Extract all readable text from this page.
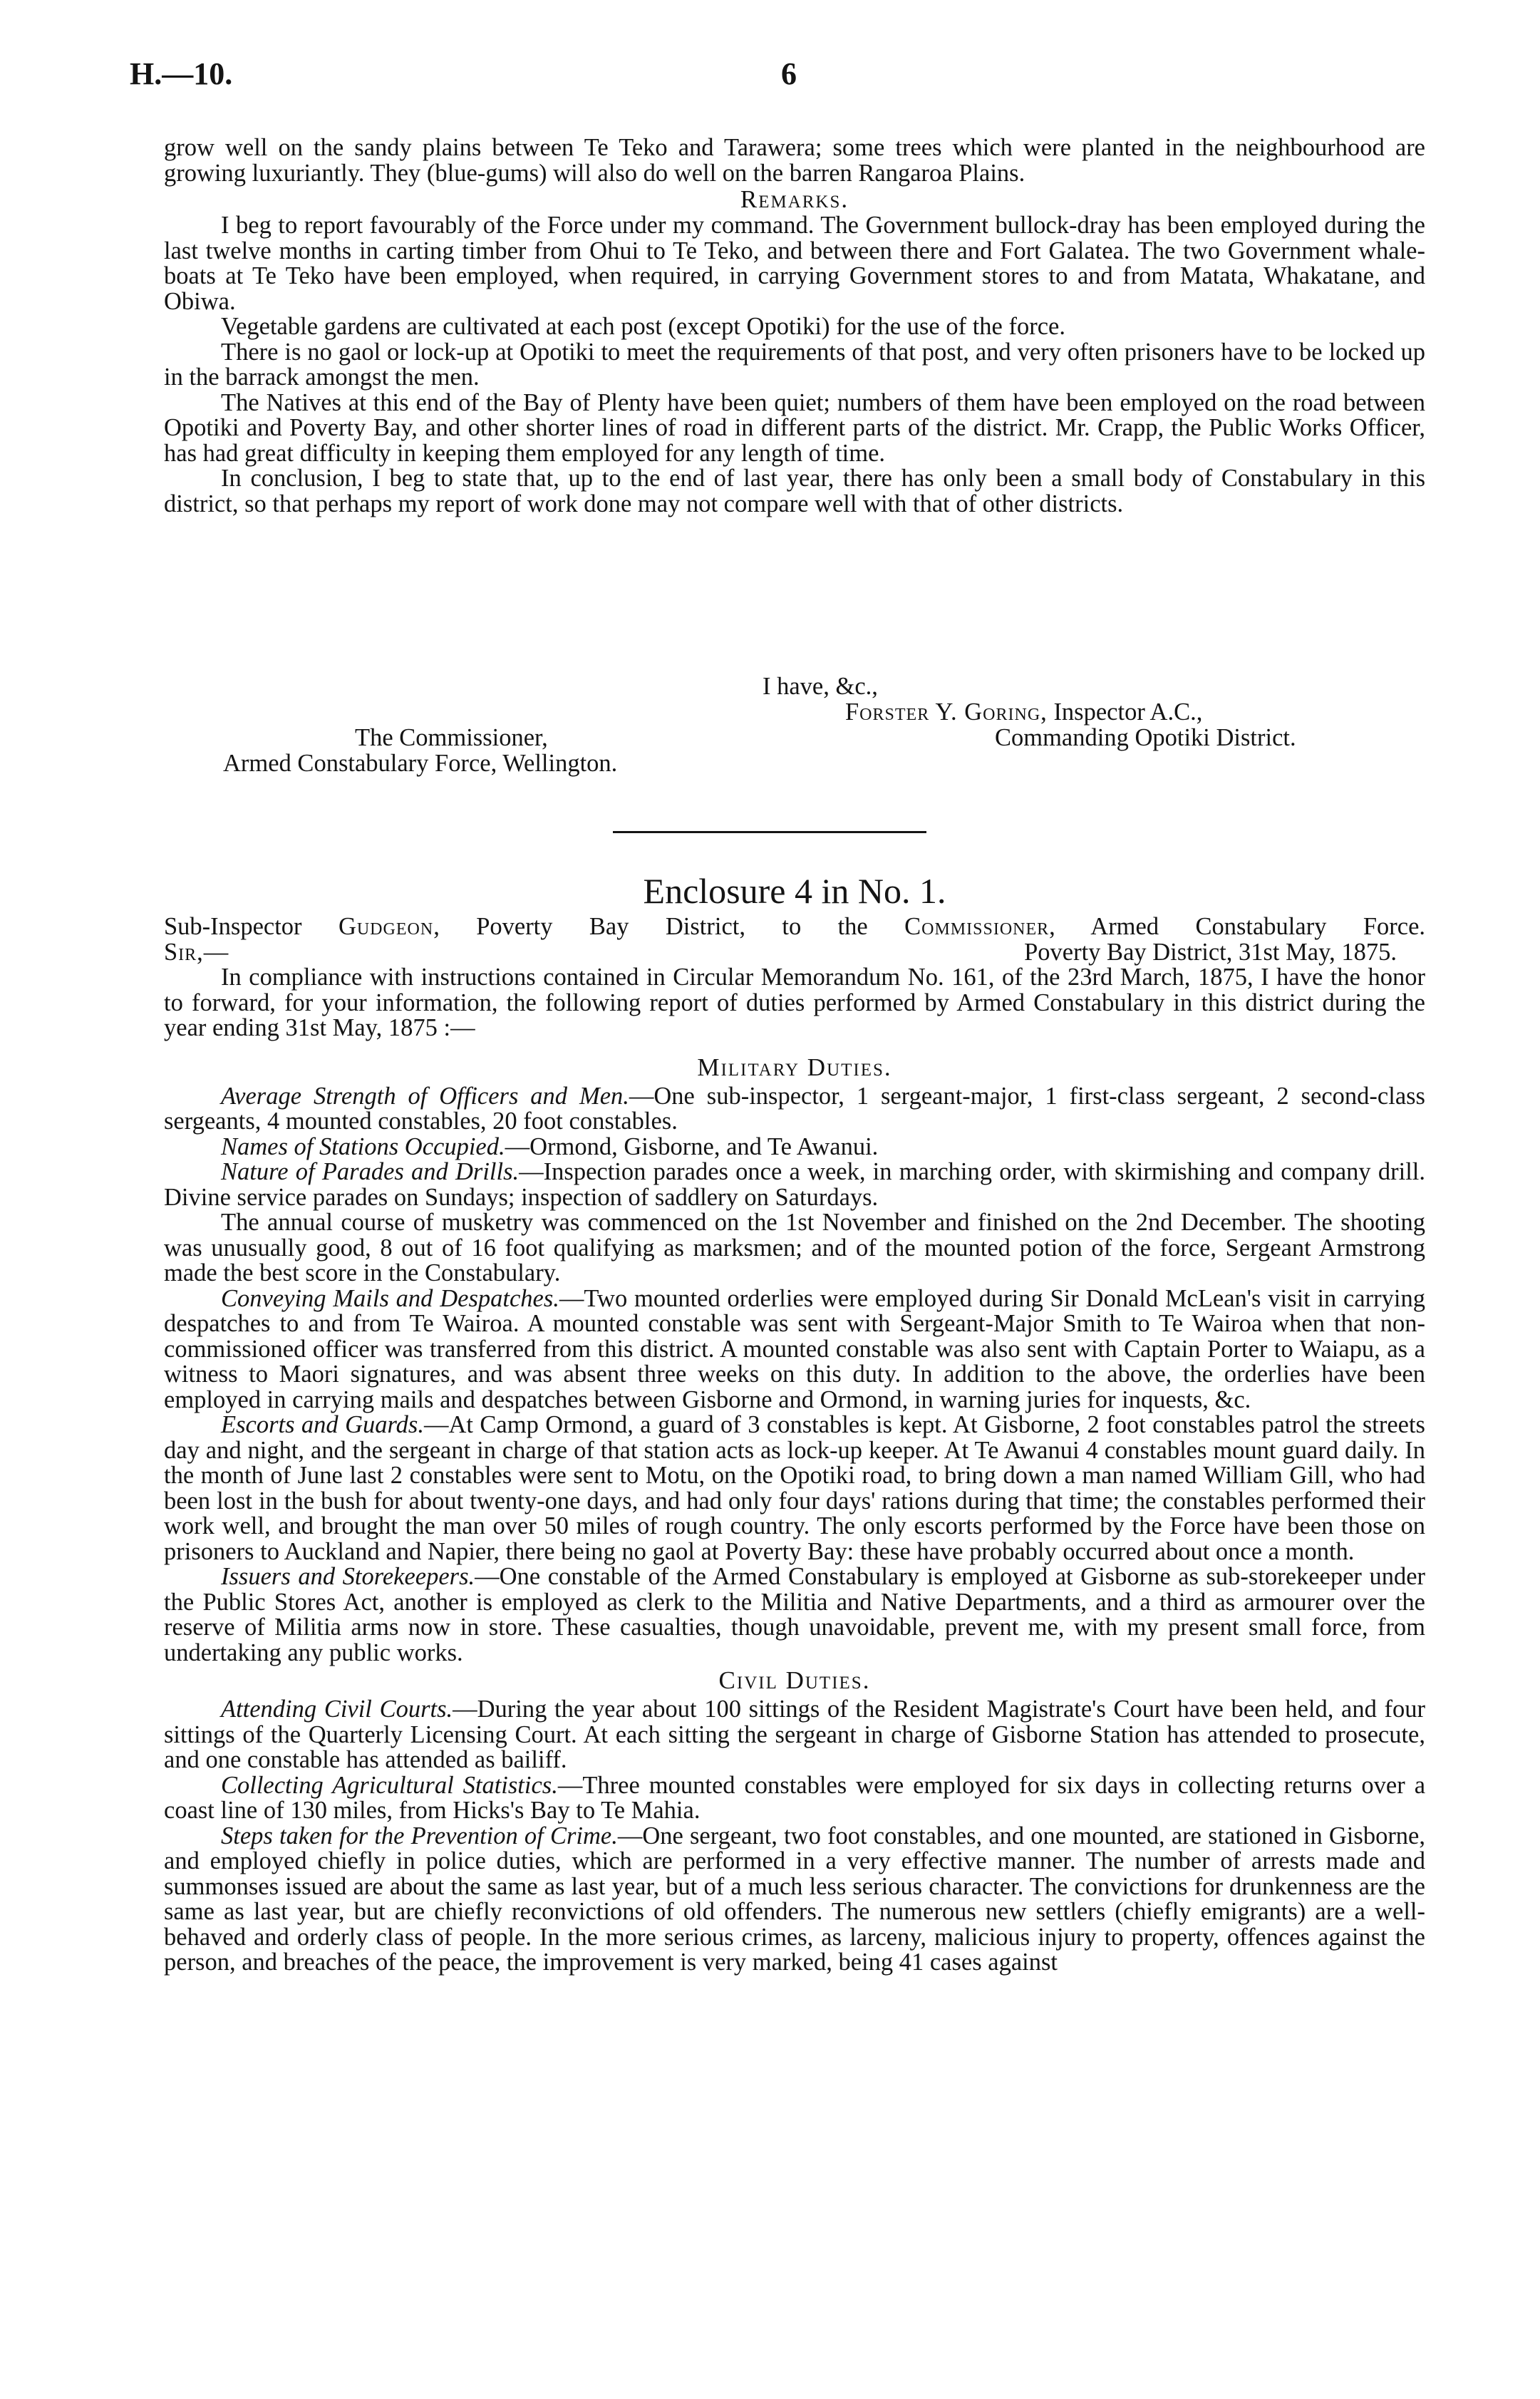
H.—10.	6

grow well on the sandy plains between Te Teko and Tarawera; some trees which were planted in the neighbourhood are growing luxuriantly. They (blue-gums) will also do well on the barren Rangaroa Plains.

Remarks.

I beg to report favourably of the Force under my command. The Government bullock-dray has been employed during the last twelve months in carting timber from Ohui to Te Teko, and between there and Fort Galatea. The two Government whale-boats at Te Teko have been employed, when required, in carrying Government stores to and from Matata, Whakatane, and Obiwa.

Vegetable gardens are cultivated at each post (except Opotiki) for the use of the force.

There is no gaol or lock-up at Opotiki to meet the requirements of that post, and very often prisoners have to be locked up in the barrack amongst the men.

The Natives at this end of the Bay of Plenty have been quiet; numbers of them have been employed on the road between Opotiki and Poverty Bay, and other shorter lines of road in different parts of the district. Mr. Crapp, the Public Works Officer, has had great difficulty in keeping them employed for any length of time.

In conclusion, I beg to state that, up to the end of last year, there has only been a small body of Constabulary in this district, so that perhaps my report of work done may not compare well with that of other districts.

I have, &c.,
Forster Y. Goring, Inspector A.C.,
The Commissioner,	Commanding Opotiki District.
Armed Constabulary Force, Wellington.

Enclosure 4 in No. 1.

Sub-Inspector Gudgeon, Poverty Bay District, to the Commissioner, Armed Constabulary Force.

Sir,—	Poverty Bay District, 31st May, 1875.

In compliance with instructions contained in Circular Memorandum No. 161, of the 23rd March, 1875, I have the honor to forward, for your information, the following report of duties performed by Armed Constabulary in this district during the year ending 31st May, 1875 :—

Military Duties.

Average Strength of Officers and Men.—One sub-inspector, 1 sergeant-major, 1 first-class sergeant, 2 second-class sergeants, 4 mounted constables, 20 foot constables.

Names of Stations Occupied.—Ormond, Gisborne, and Te Awanui.

Nature of Parades and Drills.—Inspection parades once a week, in marching order, with skirmishing and company drill. Divine service parades on Sundays; inspection of saddlery on Saturdays.

The annual course of musketry was commenced on the 1st November and finished on the 2nd December. The shooting was unusually good, 8 out of 16 foot qualifying as marksmen; and of the mounted potion of the force, Sergeant Armstrong made the best score in the Constabulary.

Conveying Mails and Despatches.—Two mounted orderlies were employed during Sir Donald McLean's visit in carrying despatches to and from Te Wairoa. A mounted constable was sent with Sergeant-Major Smith to Te Wairoa when that non-commissioned officer was transferred from this district. A mounted constable was also sent with Captain Porter to Waiapu, as a witness to Maori signatures, and was absent three weeks on this duty. In addition to the above, the orderlies have been employed in carrying mails and despatches between Gisborne and Ormond, in warning juries for inquests, &c.

Escorts and Guards.—At Camp Ormond, a guard of 3 constables is kept. At Gisborne, 2 foot constables patrol the streets day and night, and the sergeant in charge of that station acts as lock-up keeper. At Te Awanui 4 constables mount guard daily. In the month of June last 2 constables were sent to Motu, on the Opotiki road, to bring down a man named William Gill, who had been lost in the bush for about twenty-one days, and had only four days' rations during that time; the constables performed their work well, and brought the man over 50 miles of rough country. The only escorts performed by the Force have been those on prisoners to Auckland and Napier, there being no gaol at Poverty Bay: these have probably occurred about once a month.

Issuers and Storekeepers.—One constable of the Armed Constabulary is employed at Gisborne as sub-storekeeper under the Public Stores Act, another is employed as clerk to the Militia and Native Departments, and a third as armourer over the reserve of Militia arms now in store. These casualties, though unavoidable, prevent me, with my present small force, from undertaking any public works.

Civil Duties.

Attending Civil Courts.—During the year about 100 sittings of the Resident Magistrate's Court have been held, and four sittings of the Quarterly Licensing Court. At each sitting the sergeant in charge of Gisborne Station has attended to prosecute, and one constable has attended as bailiff.

Collecting Agricultural Statistics.—Three mounted constables were employed for six days in collecting returns over a coast line of 130 miles, from Hicks's Bay to Te Mahia.

Steps taken for the Prevention of Crime.—One sergeant, two foot constables, and one mounted, are stationed in Gisborne, and employed chiefly in police duties, which are performed in a very effective manner. The number of arrests made and summonses issued are about the same as last year, but of a much less serious character. The convictions for drunkenness are the same as last year, but are chiefly reconvictions of old offenders. The numerous new settlers (chiefly emigrants) are a well-behaved and orderly class of people. In the more serious crimes, as larceny, malicious injury to property, offences against the person, and breaches of the peace, the improvement is very marked, being 41 cases against
